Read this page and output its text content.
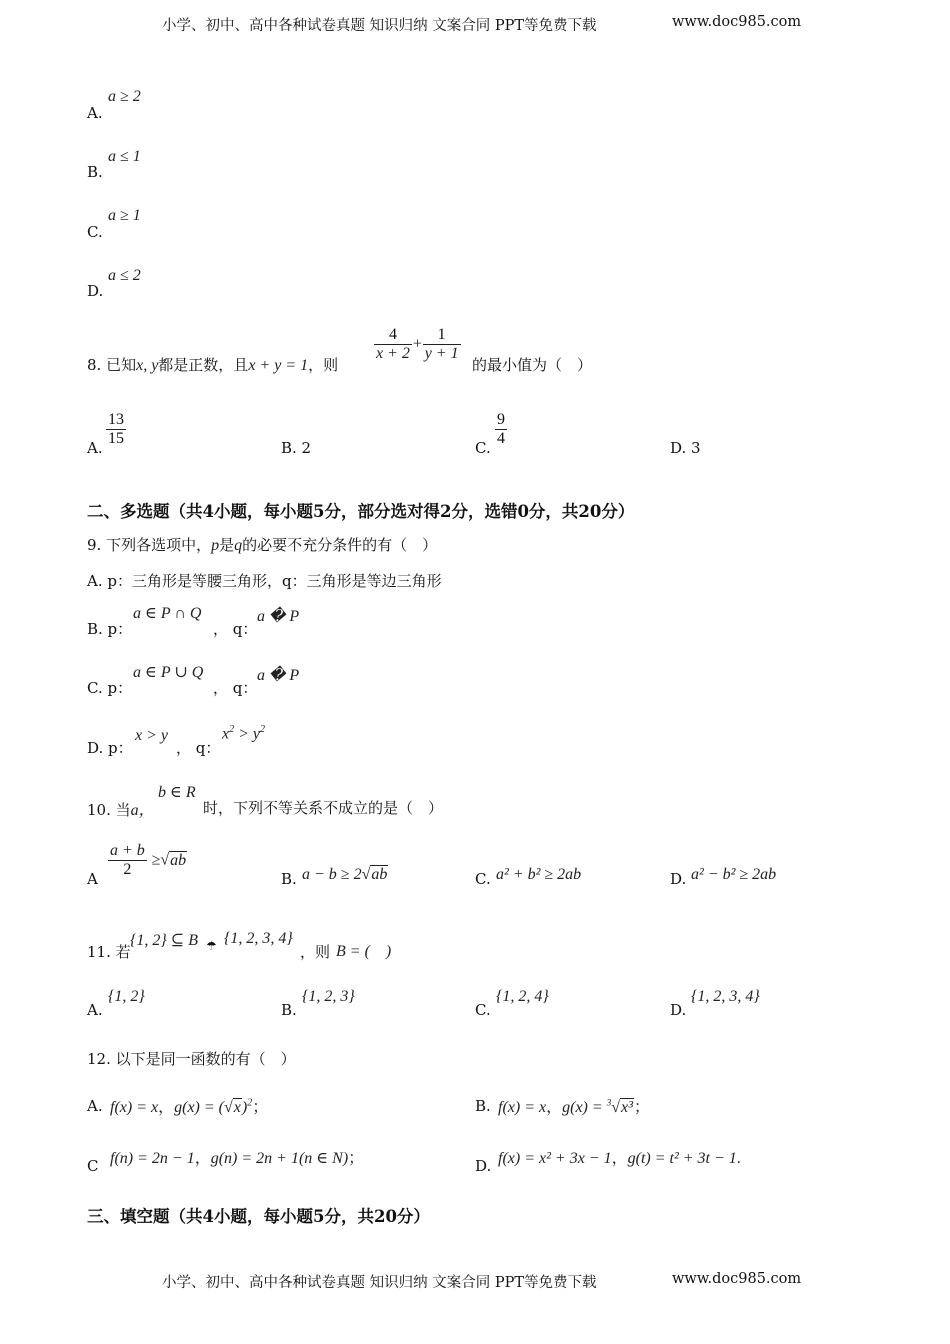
小学、初中、高中各种试卷真题 知识归纳 文案合同 PPT等免费下载	www.doc985.com
A.
a ≥ 2
B.
a ≤ 1
C.
a ≥ 1
D.
a ≤ 2
8. 已知x, y都是正数，且x + y = 1，则
$\frac{4}{x + 2} + \frac{1}{y + 1}$
的最小值为（　）
A. $\frac{13}{15}$	B. 2	C. $\frac{9}{4}$	D. 3
二、多选题（共4小题，每小题5分，部分选对得2分，选错0分，共20分）
9. 下列各选项中，p是q的必要不充分条件的有（　）
A. p：三角形是等腰三角形，q：三角形是等边三角形
B. p：
a ∈ P ∩ Q
， q：
a � P
C. p：
a ∈ P ∪ Q
， q：
a � P
D. p：
x > y
， q：
$x^2 > y^2$
10. 当a，
b ∈ R
时，下列不等关系不成立的是（　）
A $\frac{a + b}{2} \ge√ab$
B. a − b ≥ 2√ab	C. a² + b² ≥ 2ab	D. a² − b² ≥ 2ab
11. 若
{1, 2} ⊆ B ☂ {1, 2, 3, 4}
，则 B = (　)
A.
{1, 2}
B.
{1, 2, 3}
C.
{1, 2, 4}
D.
{1, 2, 3, 4}
12. 以下是同一函数的有（　）
A. f(x) = x，$g(x) = (√x)^2$；	B. f(x) = x，g(x) = $^3$√x³；
C f(n) = 2n − 1，g(n) = 2n + 1(n ∈ N)；	D. f(x) = x² + 3x − 1，g(t) = t² + 3t − 1.
三、填空题（共4小题，每小题5分，共20分）
小学、初中、高中各种试卷真题 知识归纳 文案合同 PPT等免费下载	www.doc985.com
